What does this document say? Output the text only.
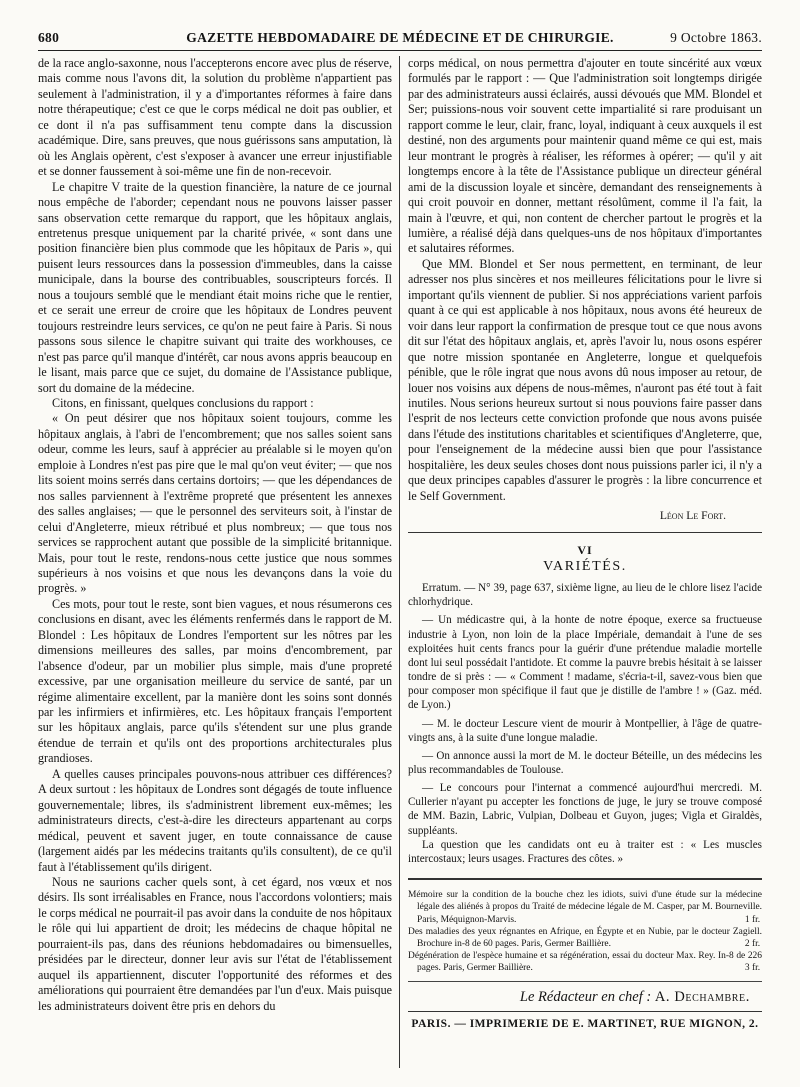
680	GAZETTE HEBDOMADAIRE DE MÉDECINE ET DE CHIRURGIE.	9 Octobre 1863.

de la race anglo-saxonne, nous l'accepterons encore avec plus de réserve, mais comme nous l'avons dit, la solution du problème n'appartient pas seulement à l'administration, il y a d'importantes réformes à faire dans notre thérapeutique; c'est ce que le corps médical ne doit pas oublier, et ce dont il n'a pas suffisamment tenu compte dans la discussion académique. Dire, sans preuves, que nous guérissons sans amputation, là où les Anglais opèrent, c'est s'exposer à avancer une erreur injustifiable et se donner faussement à soi-même une fin de non-recevoir.

Le chapitre V traite de la question financière, la nature de ce journal nous empêche de l'aborder; cependant nous ne pouvons laisser passer sans observation cette remarque du rapport, que les hôpitaux anglais, entretenus presque uniquement par la charité privée, « sont dans une position financière bien plus commode que les hôpitaux de Paris », qui puisent leurs ressources dans la possession d'immeubles, dans la caisse municipale, dans la bourse des contribuables, souscripteurs forcés. Il nous a toujours semblé que le mendiant était moins riche que le rentier, et ce serait une erreur de croire que les hôpitaux de Londres peuvent toujours restreindre leurs services, ce qu'on ne peut faire à Paris. Si nous passons sous silence le chapitre suivant qui traite des workhouses, ce n'est pas parce qu'il manque d'intérêt, car nous avons appris beaucoup en le lisant, mais parce que ce sujet, du domaine de l'Assistance publique, sort du domaine de la médecine.

Citons, en finissant, quelques conclusions du rapport :

« On peut désirer que nos hôpitaux soient toujours, comme les hôpitaux anglais, à l'abri de l'encombrement; que nos salles soient sans odeur, comme les leurs, sauf à apprécier au préalable si le moyen qu'on emploie à Londres n'est pas pire que le mal qu'on veut éviter; — que nos lits soient moins serrés dans certains dortoirs; — que les dépendances de nos salles parviennent à l'extrême propreté que présentent les annexes des salles anglaises; — que le personnel des serviteurs soit, à l'instar de celui d'Angleterre, mieux rétribué et plus nombreux; — que tous nos services se rapprochent autant que possible de la simplicité britannique. Mais, pour tout le reste, rendons-nous cette justice que nous sommes supérieurs à nos voisins et que nous les devançons dans la voie du progrès. »

Ces mots, pour tout le reste, sont bien vagues, et nous résumerons ces conclusions en disant, avec les éléments renfermés dans le rapport de M. Blondel : Les hôpitaux de Londres l'emportent sur les nôtres par les dimensions meilleures des salles, par moins d'encombrement, par l'absence d'odeur, par un mobilier plus simple, mais d'une propreté excessive, par une organisation meilleure du service de santé, par un régime alimentaire excellent, par la manière dont les soins sont donnés par les infirmiers et infirmières, etc. Les hôpitaux français l'emportent sur les hôpitaux anglais, parce qu'ils s'étendent sur une plus grande étendue de terrain et qu'ils ont des proportions architecturales plus grandioses.

A quelles causes principales pouvons-nous attribuer ces différences? A deux surtout : les hôpitaux de Londres sont dégagés de toute influence gouvernementale; libres, ils s'administrent librement eux-mêmes; les administrateurs directs, c'est-à-dire les directeurs appartenant au corps médical, peuvent et savent juger, en toute connaissance de cause (largement aidés par les médecins traitants qu'ils consultent), de ce qu'il faut à l'établissement qu'ils dirigent.

Nous ne saurions cacher quels sont, à cet égard, nos vœux et nos désirs. Ils sont irréalisables en France, nous l'accordons volontiers; mais le corps médical ne pourrait-il pas avoir dans la conduite de nos hôpitaux le rôle qui lui appartient de droit; les médecins de chaque hôpital ne pourraient-ils pas, dans des réunions hebdomadaires ou bimensuelles, présidées par le directeur, donner leur avis sur l'état de l'établissement auquel ils appartiennent, discuter l'opportunité des réformes et des améliorations qui pourraient être demandées par l'un d'eux. Mais puisque les administrateurs doivent être pris en dehors du

corps médical, on nous permettra d'ajouter en toute sincérité aux vœux formulés par le rapport : — Que l'administration soit longtemps dirigée par des administrateurs aussi éclairés, aussi dévoués que MM. Blondel et Ser; puissions-nous voir souvent cette impartialité si rare produisant un rapport comme le leur, clair, franc, loyal, indiquant à ceux auxquels il est destiné, non des arguments pour maintenir quand même ce qui est, mais leur montrant le progrès à réaliser, les réformes à opérer; — qu'il y ait longtemps encore à la tête de l'Assistance publique un directeur général ami de la discussion loyale et sincère, demandant des renseignements à qui croit pouvoir en donner, mettant résolûment, comme il l'a fait, la main à l'œuvre, et qui, non content de chercher partout le progrès et la lumière, a réalisé déjà dans quelques-uns de nos hôpitaux d'importantes et salutaires réformes.

Que MM. Blondel et Ser nous permettent, en terminant, de leur adresser nos plus sincères et nos meilleures félicitations pour le livre si important qu'ils viennent de publier. Si nos appréciations varient parfois quant à ce qui est applicable à nos hôpitaux, nous avons été heureux de voir dans leur rapport la confirmation de presque tout ce que nous avons dit sur l'état des hôpitaux anglais, et, après l'avoir lu, nous osons espérer que notre mission spontanée en Angleterre, longue et quelquefois pénible, que le rôle ingrat que nous avons dû nous imposer au retour, de louer nos voisins aux dépens de nous-mêmes, n'auront pas été tout à fait inutiles. Nous serions heureux surtout si nous pouvions faire passer dans l'esprit de nos lecteurs cette conviction profonde que nous avons puisée dans l'étude des institutions charitables et scientifiques d'Angleterre, que, pour l'enseignement de la médecine aussi bien que pour l'assistance hospitalière, les deux seules choses dont nous puissions parler ici, il n'y a que deux principes capables d'assurer le progrès : la libre concurrence et le Self Government.

Léon Le Fort.
VI
VARIÉTÉS.

Erratum. — N° 39, page 637, sixième ligne, au lieu de le chlore lisez l'acide chlorhydrique.

— Un médicastre qui, à la honte de notre époque, exerce sa fructueuse industrie à Lyon, non loin de la place Impériale, demandait à l'une de ses exploitées huit cents francs pour la guérir d'une prétendue maladie mortelle dont lui seul possédait l'antidote. Et comme la pauvre brebis hésitait à se laisser tondre de si près : — « Comment ! madame, s'écria-t-il, savez-vous bien que pour composer mon spécifique il faut que je distille de l'ambre ! » (Gaz. méd. de Lyon.)

— M. le docteur Lescure vient de mourir à Montpellier, à l'âge de quatre-vingts ans, à la suite d'une longue maladie.

— On annonce aussi la mort de M. le docteur Béteille, un des médecins les plus recommandables de Toulouse.

— Le concours pour l'internat a commencé aujourd'hui mercredi. M. Cullerier n'ayant pu accepter les fonctions de juge, le jury se trouve composé de MM. Bazin, Labric, Vulpian, Dolbeau et Guyon, juges; Vigla et Giraldès, suppléants.

La question que les candidats ont eu à traiter est : « Les muscles intercostaux; leurs usages. Fractures des côtes. »

Mémoire sur la condition de la bouche chez les idiots, suivi d'une étude sur la médecine légale des aliénés à propos du Traité de médecine légale de M. Casper, par M. Bourneville. Paris, Méquignon-Marvis.	1 fr.

Des maladies des yeux régnantes en Afrique, en Égypte et en Nubie, par le docteur Zagiell. Brochure in-8 de 60 pages. Paris, Germer Baillière.	2 fr.

Dégénération de l'espèce humaine et sa régénération, essai du docteur Max. Rey. In-8 de 226 pages. Paris, Germer Baillière.	3 fr.

Le Rédacteur en chef : A. Dechambre.
PARIS. — IMPRIMERIE DE E. MARTINET, RUE MIGNON, 2.
